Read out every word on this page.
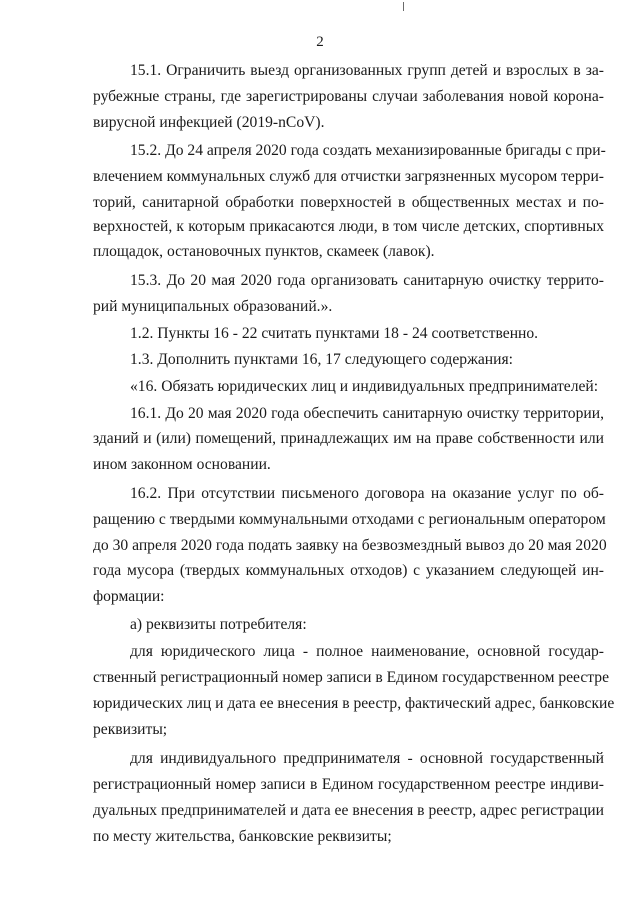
2
15.1. Ограничить выезд организованных групп детей и взрослых в за-
рубежные страны, где зарегистрированы случаи заболевания новой корона-
вирусной инфекцией (2019-nCoV).
15.2. До 24 апреля 2020 года создать механизированные бригады с при-
влечением коммунальных служб для отчистки загрязненных мусором терри-
торий, санитарной обработки поверхностей в общественных местах и по-
верхностей, к которым прикасаются люди, в том числе детских, спортивных
площадок, остановочных пунктов, скамеек (лавок).
15.3. До 20 мая 2020 года организовать санитарную очистку террито-
рий муниципальных образований.».
1.2. Пункты 16 - 22 считать пунктами 18 - 24 соответственно.
1.3. Дополнить пунктами 16, 17 следующего содержания:
«16. Обязать юридических лиц и индивидуальных предпринимателей:
16.1. До 20 мая 2020 года обеспечить санитарную очистку территории,
зданий и (или) помещений, принадлежащих им на праве собственности или
ином законном основании.
16.2. При отсутствии письменого договора на оказание услуг по об-
ращению с твердыми коммунальными отходами с региональным оператором
до 30 апреля 2020 года подать заявку на безвозмездный вывоз до 20 мая 2020
года мусора (твердых коммунальных отходов) с указанием следующей ин-
формации:
а) реквизиты потребителя:
для юридического лица - полное наименование, основной государ-
ственный регистрационный номер записи в Едином государственном реестре
юридических лиц и дата ее внесения в реестр, фактический адрес, банковские
реквизиты;
для индивидуального предпринимателя - основной государственный
регистрационный номер записи в Едином государственном реестре индиви-
дуальных предпринимателей и дата ее внесения в реестр, адрес регистрации
по месту жительства, банковские реквизиты;
